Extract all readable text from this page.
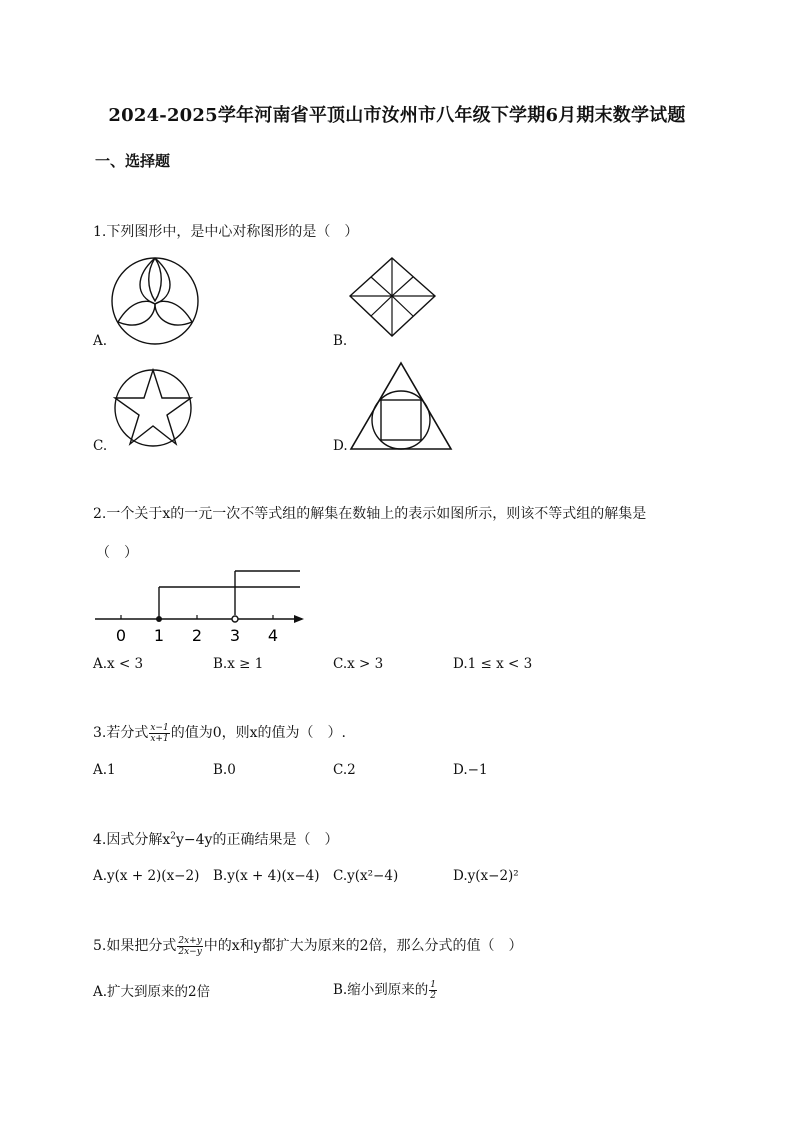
2024-2025学年河南省平顶山市汝州市八年级下学期6月期末数学试题
一、选择题
1.下列图形中，是中心对称图形的是（　）
A.	B.
C.	D.
2.一个关于x的一元一次不等式组的解集在数轴上的表示如图所示，则该不等式组的解集是
（　）
0 1 2 3 4
A.x < 3	B.x ≥ 1	C.x > 3	D.1 ≤ x < 3
3.若分式 $\frac{x-1}{x+1}$ 的值为0，则x的值为（　）.
A.1	B.0	C.2	D.−1
4.因式分解$x^2y-4y$的正确结果是（　）
A.y(x + 2)(x−2) B.y(x + 4)(x−4) C.y(x²−4)	D.y(x−2)²
5.如果把分式 $\frac{2x+y}{2x-y}$ 中的x和y都扩大为原来的2倍，那么分式的值（　）
A.扩大到原来的2倍	B.缩小到原来的 $\frac{1}{2}$
